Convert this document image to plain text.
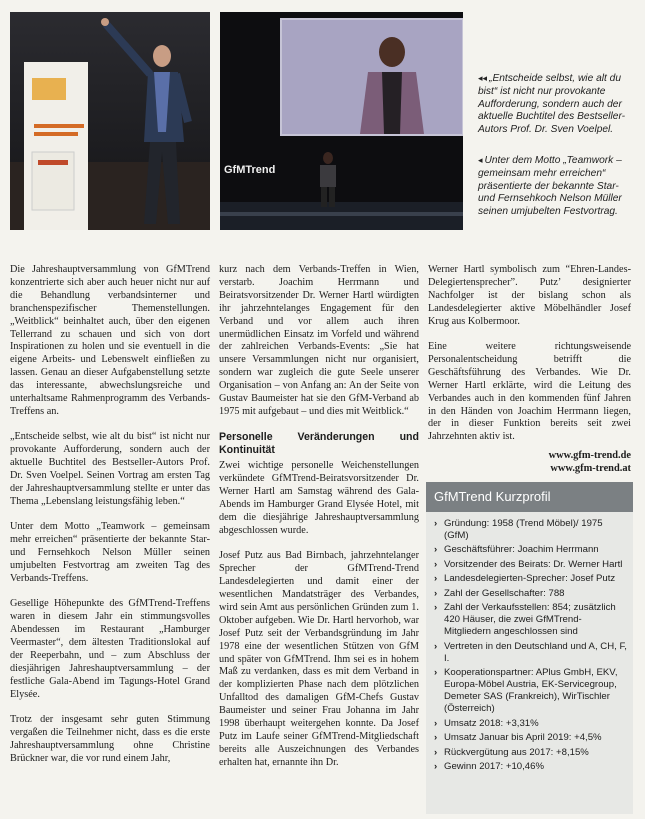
GfMTrend
◂◂ „Entscheide selbst, wie alt du bist“ ist nicht nur provokante Aufforderung, sondern auch der aktuelle Buchtitel des Bestseller-Autors Prof. Dr. Sven Voelpel.
◂ Unter dem Motto „Teamwork – gemeinsam mehr erreichen“ präsentierte der bekannte Star- und Fernsehkoch Nelson Müller seinen umjubelten Festvortrag.

Die Jahreshauptversammlung von GfMTrend konzentrierte sich aber auch heuer nicht nur auf die Behandlung verbandsinterner und branchenspezifischer Themenstellungen. „Weitblick“ beinhaltet auch, über den eigenen Tellerrand zu schauen und sich von dort Inspirationen zu holen und sie eventuell in die eigene Arbeits- und Lebenswelt einfließen zu lassen. Genau an dieser Aufgabenstellung setzte das interessante, abwechslungsreiche und unterhaltsame Rahmenprogramm des Verbands-Treffens an.

„Entscheide selbst, wie alt du bist“ ist nicht nur provokante Aufforderung, sondern auch der aktuelle Buchtitel des Bestseller-Autors Prof. Dr. Sven Voelpel. Seinen Vortrag am ersten Tag der Jahreshauptversammlung stellte er unter das Thema „Lebenslang leistungsfähig leben.“

Unter dem Motto „Teamwork – gemeinsam mehr erreichen“ präsentierte der bekannte Star- und Fernsehkoch Nelson Müller seinen umjubelten Festvortrag am zweiten Tag des Verbands-Treffens.

Gesellige Höhepunkte des GfMTrend-Treffens waren in diesem Jahr ein stimmungsvolles Abendessen im Restaurant „Hamburger Veermaster“, dem ältesten Traditionslokal auf der Reeperbahn, und – zum Abschluss der diesjährigen Jahreshauptversammlung – der festliche Gala-Abend im Tagungs-Hotel Grand Elysée.

Trotz der insgesamt sehr guten Stimmung vergaßen die Teilnehmer nicht, dass es die erste Jahreshauptversammlung ohne Christine Brückner war, die vor rund einem Jahr,

kurz nach dem Verbands-Treffen in Wien, verstarb. Joachim Herrmann und Beiratsvorsitzender Dr. Werner Hartl würdigten ihr jahrzehntelanges Engagement für den Verband und vor allem auch ihren unermüdlichen Einsatz im Vorfeld und während der zahlreichen Verbands-Events: „Sie hat unsere Versammlungen nicht nur organisiert, sondern war zugleich die gute Seele unserer Organisation – von Anfang an: An der Seite von Gustav Baumeister hat sie den GfM-Verband ab 1975 mit aufgebaut – und dies mit Weitblick.“

Personelle Veränderungen und Kontinuität

Zwei wichtige personelle Weichenstellungen verkündete GfMTrend-Beiratsvorsitzender Dr. Werner Hartl am Samstag während des Gala-Abends im Hamburger Grand Elysée Hotel, mit dem die diesjährige Jahreshauptversammlung abgeschlossen wurde.

Josef Putz aus Bad Birnbach, jahrzehntelanger Sprecher der GfMTrend-Trend Landesdelegierten und damit einer der wesentlichen Mandatsträger des Verbandes, wird sein Amt aus persönlichen Gründen zum 1. Oktober aufgeben. Wie Dr. Hartl hervorhob, war Josef Putz seit der Verbandsgründung im Jahr 1978 eine der wesentlichen Stützen von GfM und später von GfMTrend. Ihm sei es in hohem Maß zu verdanken, dass es mit dem Verband in der komplizierten Phase nach dem plötzlichen Unfalltod des damaligen GfM-Chefs Gustav Baumeister und seiner Frau Johanna im Jahr 1998 überhaupt weitergehen konnte. Da Josef Putz im Laufe seiner GfMTrend-Mitgliedschaft bereits alle Auszeichnungen des Verbandes erhalten hat, ernannte ihn Dr.

Werner Hartl symbolisch zum “Ehren-Landes-Delegiertensprecher”. Putz’ designierter Nachfolger ist der bislang schon als Landesdelegierter aktive Möbelhändler Josef Krug aus Kolbermoor.

Eine weitere richtungsweisende Personalentscheidung betrifft die Geschäftsführung des Verbandes. Wie Dr. Werner Hartl erklärte, wird die Leitung des Verbandes auch in den kommenden fünf Jahren in den Händen von Joachim Herrmann liegen, der in dieser Funktion bereits seit zwei Jahrzehnten aktiv ist.

www.gfm-trend.de
www.gfm-trend.at
GfMTrend Kurzprofil
› Gründung: 1958 (Trend Möbel)/ 1975 (GfM)
› Geschäftsführer: Joachim Herrmann
› Vorsitzender des Beirats: Dr. Werner Hartl
› Landesdelegierten-Sprecher: Josef Putz
› Zahl der Gesellschafter: 788
› Zahl der Verkaufsstellen: 854; zusätzlich 420 Häuser, die zwei GfMTrend-Mitgliedern angeschlossen sind
› Vertreten in den Deutschland und A, CH, F, I.
› Kooperationspartner: APlus GmbH, EKV, Europa-Möbel Austria, EK-Servicegroup, Demeter SAS (Frankreich), WirTischler (Österreich)
› Umsatz 2018: +3,31%
› Umsatz Januar bis April 2019: +4,5%
› Rückvergütung aus 2017: +8,15%
› Gewinn 2017: +10,46%
